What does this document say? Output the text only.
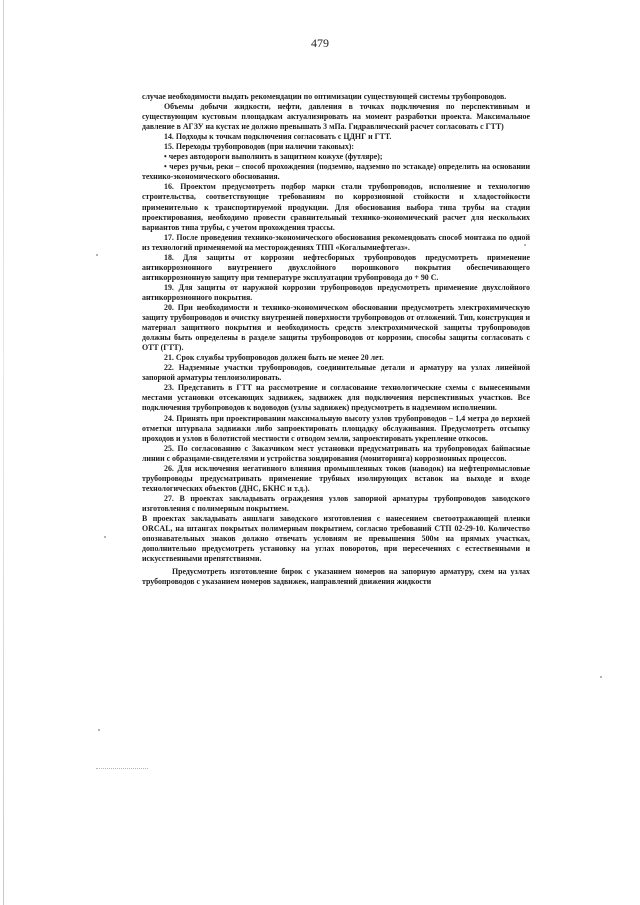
479

случае необходимости выдать рекомендации по оптимизации существующей системы трубопроводов.

Объемы добычи жидкости, нефти, давления в точках подключения по перспективным и существующим кустовым площадкам актуализировать на момент разработки проекта. Максимальное давление в АГЗУ на кустах не должно превышать 3 мПа. Гидравлический расчет согласовать с ГТТ)

14. Подходы к точкам подключения согласовать с ЦДНГ и ГТТ.

15. Переходы трубопроводов (при наличии таковых):

• через автодороги выполнить в защитном кожухе (футляре);

• через ручьи, реки – способ прохождения (подземно, надземно по эстакаде) определить на основании технико-экономического обоснования.

16. Проектом предусмотреть подбор марки стали трубопроводов, исполнение и технологию строительства, соответствующие требованиям по коррозионной стойкости и хладостойкости применительно к транспортируемой продукции. Для обоснования выбора типа трубы на стадии проектирования, необходимо провести сравнительный технико-экономический расчет для нескольких вариантов типа трубы, с учетом прохождения трассы.

17. После проведения технико-экономического обоснования рекомендовать способ монтажа по одной из технологий применяемой на месторождениях ТПП «Когалымнефтегаз».

18. Для защиты от коррозии нефтесборных трубопроводов предусмотреть применение антикоррозионного внутреннего двухслойного порошкового покрытия обеспечивающего антикоррозионную защиту при температуре эксплуатации трубопровода до + 90 С.

19. Для защиты от наружной коррозии трубопроводов предусмотреть применение двухслойного антикоррозионного покрытия.

20. При необходимости и технико-экономическом обосновании предусмотреть электрохимическую защиту трубопроводов и очистку внутренней поверхности трубопроводов от отложений. Тип, конструкция и материал защитного покрытия и необходимость средств электрохимической защиты трубопроводов должны быть определены в разделе защиты трубопроводов от коррозии, способы защиты согласовать с ОТТ (ГТТ).

21. Срок службы трубопроводов должен быть не менее 20 лет.

22. Надземные участки трубопроводов, соединительные детали и арматуру на узлах линейной запорной арматуры теплоизолировать.

23. Представить в ГТТ на рассмотрение и согласование технологические схемы с вынесенными местами установки отсекающих задвижек, задвижек для подключения перспективных участков. Все подключения трубопроводов к водоводов (узлы задвижек) предусмотреть в надземном исполнении.

24. Принять при проектировании максимальную высоту узлов трубопроводов – 1,4 метра до верхней отметки штурвала задвижки либо запроектировать площадку обслуживания. Предусмотреть отсыпку проходов и узлов в болотистой местности с отводом земли, запроектировать укрепление откосов.

25. По согласованию с Заказчиком мест установки предусматривать на трубопроводах байпасные линии с образцами-свидетелями и устройства зондирования (мониторинга) коррозионных процессов.

26. Для исключения негативного влияния промышленных токов (наводок) на нефтепромысловые трубопроводы предусматривать применение трубных изолирующих вставок на выходе и входе технологических объектов (ДНС, БКНС и т.д.).

27. В проектах закладывать ограждения узлов запорной арматуры трубопроводов заводского изготовления с полимерным покрытием.

В проектах закладывать аншлаги заводского изготовления с нанесением светоотражающей пленки ORCAL, на штангах покрытых полимерным покрытием, согласно требований СТП 02-29-10. Количество опознавательных знаков должно отвечать условиям не превышения 500м на прямых участках, дополнительно предусмотреть установку на углах поворотов, при пересечениях с естественными и искусственными препятствиями.

Предусмотреть изготовление бирок с указанием номеров на запорную арматуру, схем на узлах трубопроводов с указанием номеров задвижек, направлений движения жидкости
